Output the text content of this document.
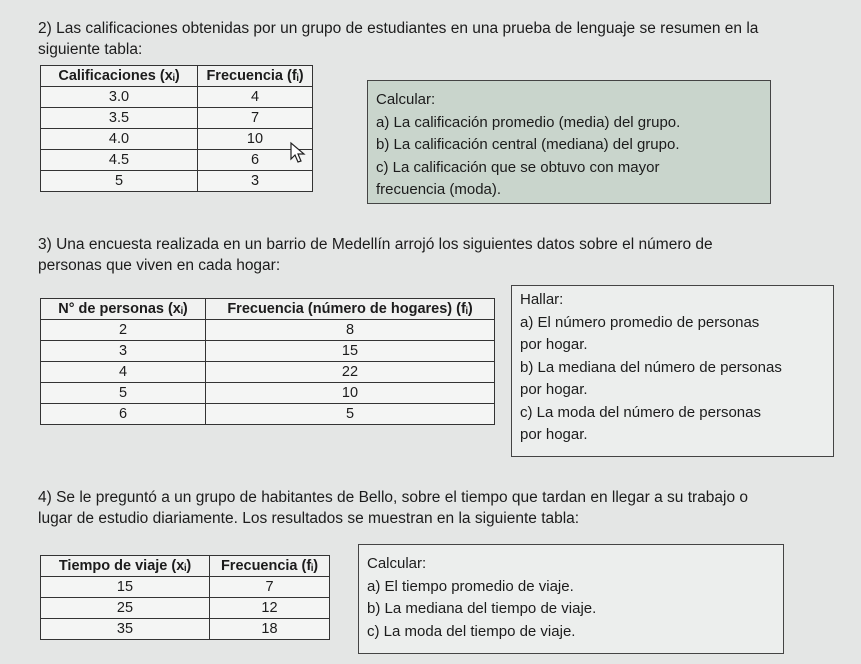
2) Las calificaciones obtenidas por un grupo de estudiantes en una prueba de lenguaje se resumen en la

siguiente tabla:

Calificaciones (xᵢ)	Frecuencia (fᵢ)
3.0	4
3.5	7
4.0	10
4.5	6
5	3
Calcular:
a) La calificación promedio (media) del grupo.
b) La calificación central (mediana) del grupo.
c) La calificación que se obtuvo con mayor
frecuencia (moda).

3) Una encuesta realizada en un barrio de Medellín arrojó los siguientes datos sobre el número de

personas que viven en cada hogar:

N° de personas (xᵢ)	Frecuencia (número de hogares) (fᵢ)
2	8
3	15
4	22
5	10
6	5
Hallar:
a) El número promedio de personas
por hogar.
b) La mediana del número de personas
por hogar.
c) La moda del número de personas
por hogar.

4) Se le preguntó a un grupo de habitantes de Bello, sobre el tiempo que tardan en llegar a su trabajo o

lugar de estudio diariamente. Los resultados se muestran en la siguiente tabla:

Tiempo de viaje (xᵢ)	Frecuencia (fᵢ)
15	7
25	12
35	18
Calcular:
a) El tiempo promedio de viaje.
b) La mediana del tiempo de viaje.
c) La moda del tiempo de viaje.
